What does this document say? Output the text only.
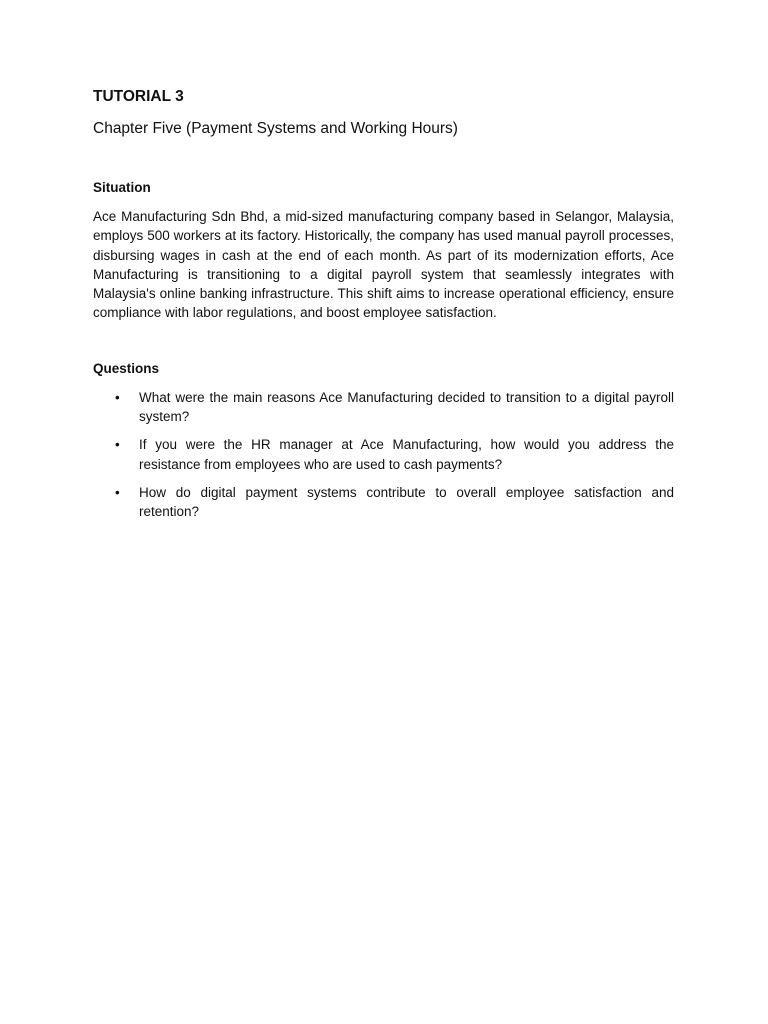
TUTORIAL 3
Chapter Five (Payment Systems and Working Hours)
Situation

Ace Manufacturing Sdn Bhd, a mid-sized manufacturing company based in Selangor, Malaysia, employs 500 workers at its factory. Historically, the company has used manual payroll processes, disbursing wages in cash at the end of each month. As part of its modernization efforts, Ace Manufacturing is transitioning to a digital payroll system that seamlessly integrates with Malaysia's online banking infrastructure. This shift aims to increase operational efficiency, ensure compliance with labor regulations, and boost employee satisfaction.

Questions
• What were the main reasons Ace Manufacturing decided to transition to a digital payroll system?
• If you were the HR manager at Ace Manufacturing, how would you address the resistance from employees who are used to cash payments?
• How do digital payment systems contribute to overall employee satisfaction and retention?
